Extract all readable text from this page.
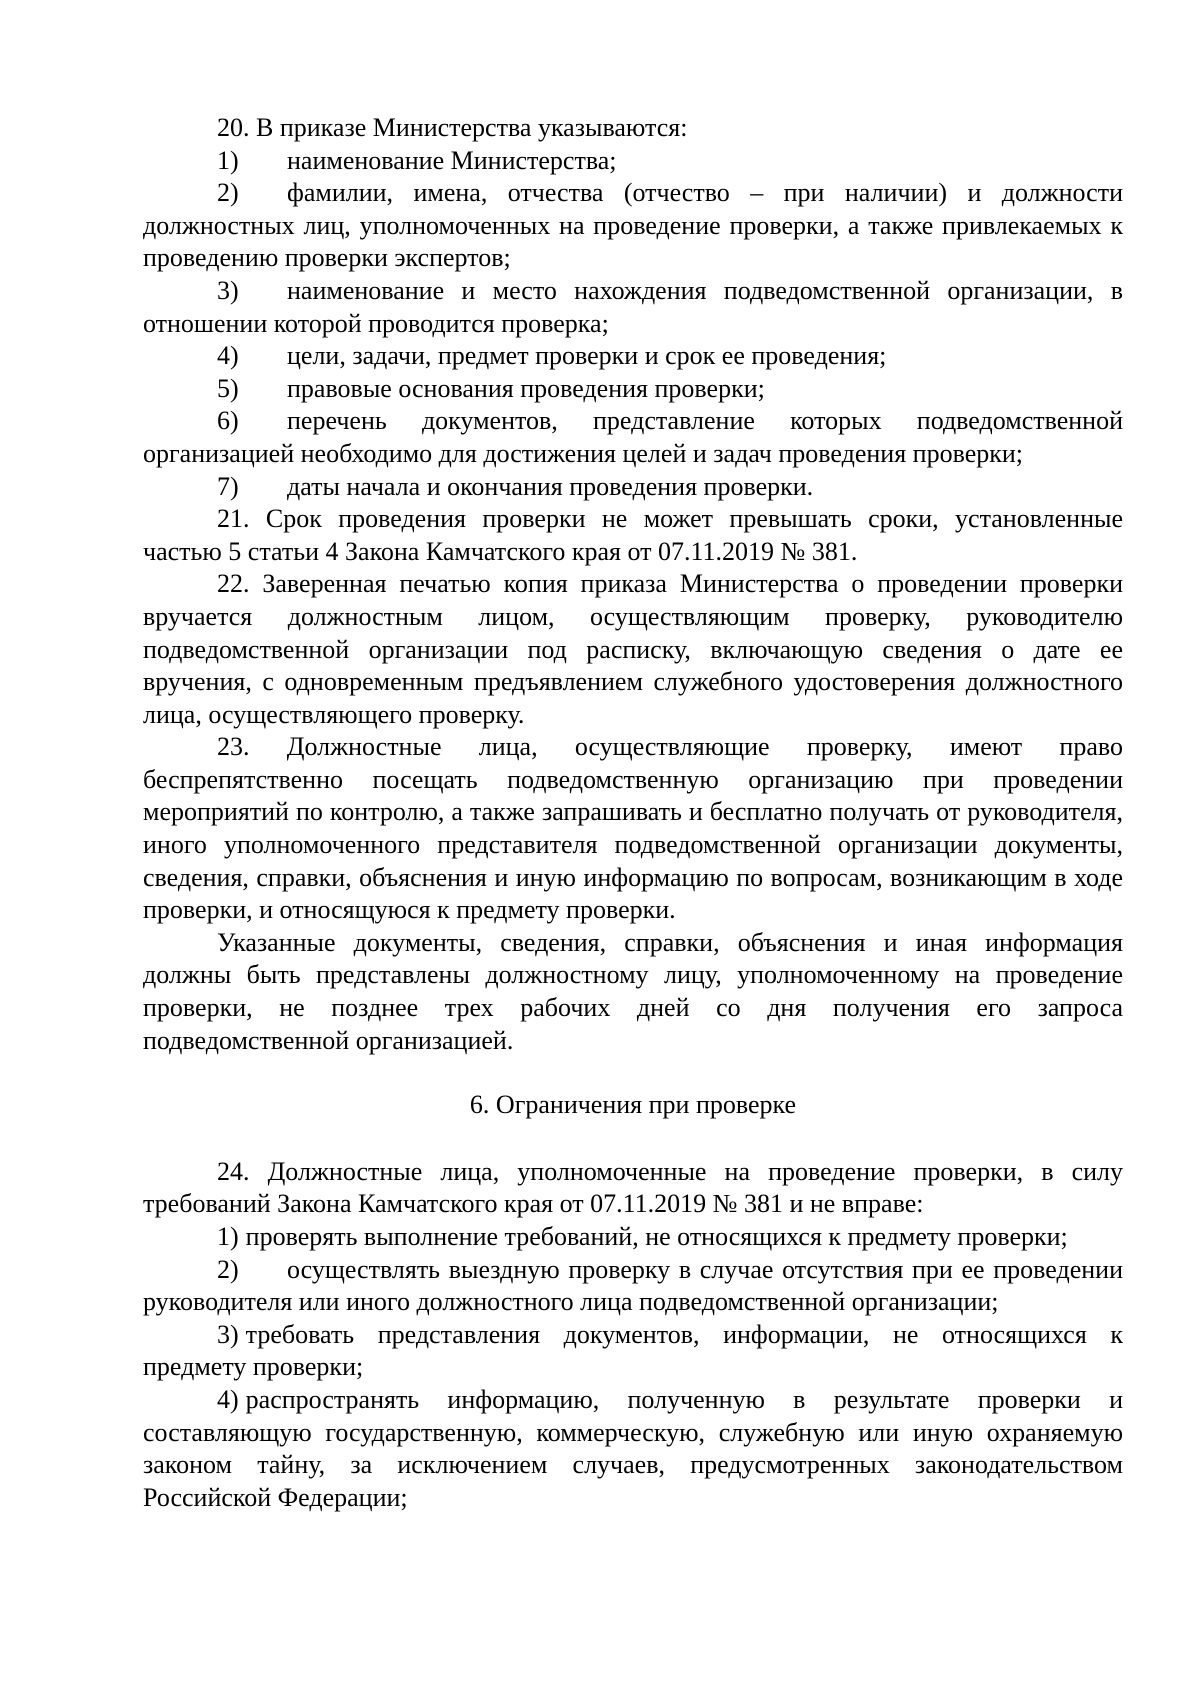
20. В приказе Министерства указываются:

1) наименование Министерства;

2) фамилии, имена, отчества (отчество – при наличии) и должности должностных лиц, уполномоченных на проведение проверки, а также привлекаемых к проведению проверки экспертов;

3) наименование и место нахождения подведомственной организации, в отношении которой проводится проверка;

4) цели, задачи, предмет проверки и срок ее проведения;

5) правовые основания проведения проверки;

6) перечень документов, представление которых подведомственной организацией необходимо для достижения целей и задач проведения проверки;

7) даты начала и окончания проведения проверки.

21. Срок проведения проверки не может превышать сроки, установленные частью 5 статьи 4 Закона Камчатского края от 07.11.2019 № 381.

22. Заверенная печатью копия приказа Министерства о проведении проверки вручается должностным лицом, осуществляющим проверку, руководителю подведомственной организации под расписку, включающую сведения о дате ее вручения, с одновременным предъявлением служебного удостоверения должностного лица, осуществляющего проверку.

23. Должностные лица, осуществляющие проверку, имеют право беспрепятственно посещать подведомственную организацию при проведении мероприятий по контролю, а также запрашивать и бесплатно получать от руководителя, иного уполномоченного представителя подведомственной организации документы, сведения, справки, объяснения и иную информацию по вопросам, возникающим в ходе проверки, и относящуюся к предмету проверки.

Указанные документы, сведения, справки, объяснения и иная информация должны быть представлены должностному лицу, уполномоченному на проведение проверки, не позднее трех рабочих дней со дня получения его запроса подведомственной организацией.

6. Ограничения при проверке

24. Должностные лица, уполномоченные на проведение проверки, в силу требований Закона Камчатского края от 07.11.2019 № 381 и не вправе:

1) проверять выполнение требований, не относящихся к предмету проверки;

2) осуществлять выездную проверку в случае отсутствия при ее проведении руководителя или иного должностного лица подведомственной организации;

3) требовать представления документов, информации, не относящихся к предмету проверки;

4) распространять информацию, полученную в результате проверки и составляющую государственную, коммерческую, служебную или иную охраняемую законом тайну, за исключением случаев, предусмотренных законодательством Российской Федерации;
